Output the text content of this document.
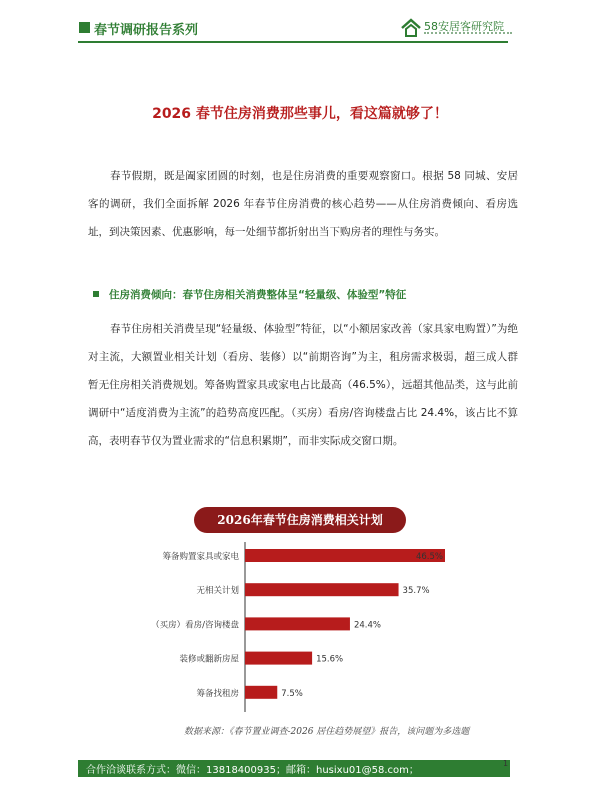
春节调研报告系列	58安居客研究院
2026 春节住房消费那些事儿，看这篇就够了！

春节假期，既是阖家团圆的时刻，也是住房消费的重要观察窗口。根据 58 同城、安居客的调研，我们全面拆解 2026 年春节住房消费的核心趋势——从住房消费倾向、看房选址，到决策因素、优惠影响，每一处细节都折射出当下购房者的理性与务实。

住房消费倾向：春节住房相关消费整体呈“轻量级、体验型”特征

春节住房相关消费呈现“轻量级、体验型”特征，以“小额居家改善（家具家电购置）”为绝对主流，大额置业相关计划（看房、装修）以“前期咨询”为主，租房需求极弱，超三成人群暂无住房相关消费规划。筹备购置家具或家电占比最高（46.5%），远超其他品类，这与此前调研中“适度消费为主流”的趋势高度匹配。（买房）看房/咨询楼盘占比 24.4%，该占比不算高，表明春节仅为置业需求的“信息积累期”，而非实际成交窗口期。

2026年春节住房消费相关计划
筹备购置家具或家电	46.5%
无相关计划	35.7%
（买房）看房/咨询楼盘	24.4%
装修或翻新房屋	15.6%
筹备找租房	7.5%
数据来源：《春节置业调查-2026 居住趋势展望》报告，该问题为多选题
合作洽谈联系方式：微信：13818400935；邮箱：husixu01@58.com；
1
